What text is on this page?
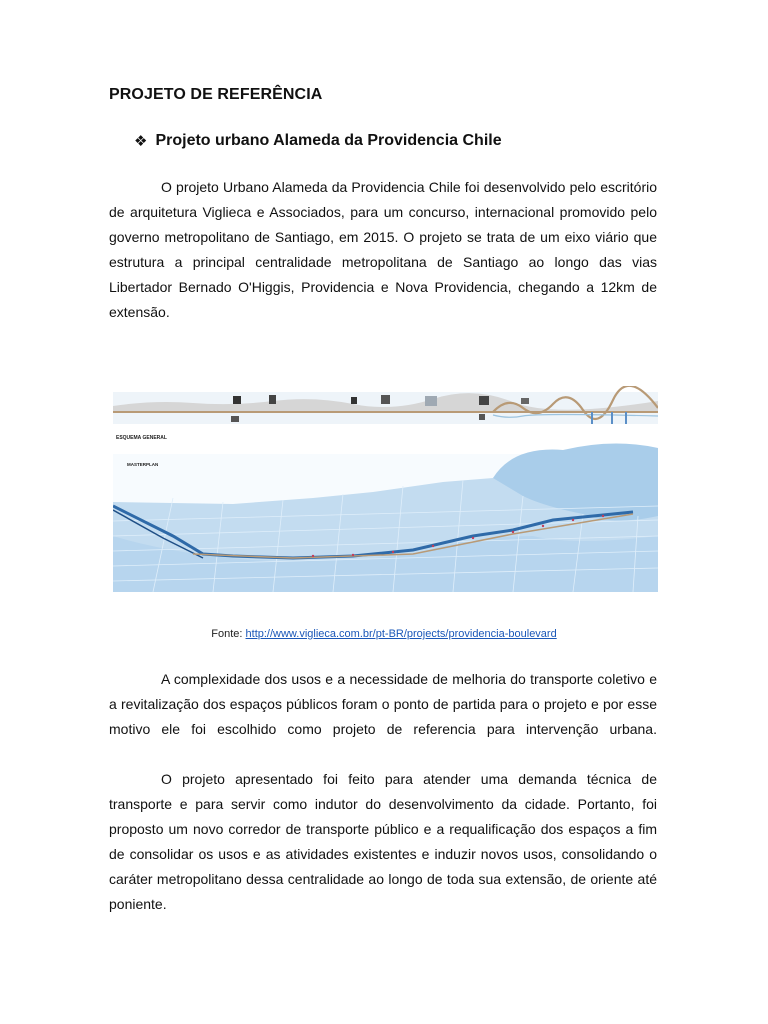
PROJETO DE REFERÊNCIA
❖ Projeto urbano Alameda da Providencia Chile

O projeto Urbano Alameda da Providencia Chile foi desenvolvido pelo escritório de arquitetura Viglieca e Associados, para um concurso, internacional promovido pelo governo metropolitano de Santiago, em 2015. O projeto se trata de um eixo viário que estrutura a principal centralidade metropolitana de Santiago ao longo das vias Libertador Bernado O'Higgis, Providencia e Nova Providencia, chegando a 12km de extensão.

ESQUEMA GENERAL
MASTERPLAN
Fonte: http://www.viglieca.com.br/pt-BR/projects/providencia-boulevard

A complexidade dos usos e a necessidade de melhoria do transporte coletivo e a revitalização dos espaços públicos foram o ponto de partida para o projeto e por esse motivo ele foi escolhido como projeto de referencia para intervenção urbana.

O projeto apresentado foi feito para atender uma demanda técnica de transporte e para servir como indutor do desenvolvimento da cidade. Portanto, foi proposto um novo corredor de transporte público e a requalificação dos espaços a fim de consolidar os usos e as atividades existentes e induzir novos usos, consolidando o caráter metropolitano dessa centralidade ao longo de toda sua extensão, de oriente até poniente.
